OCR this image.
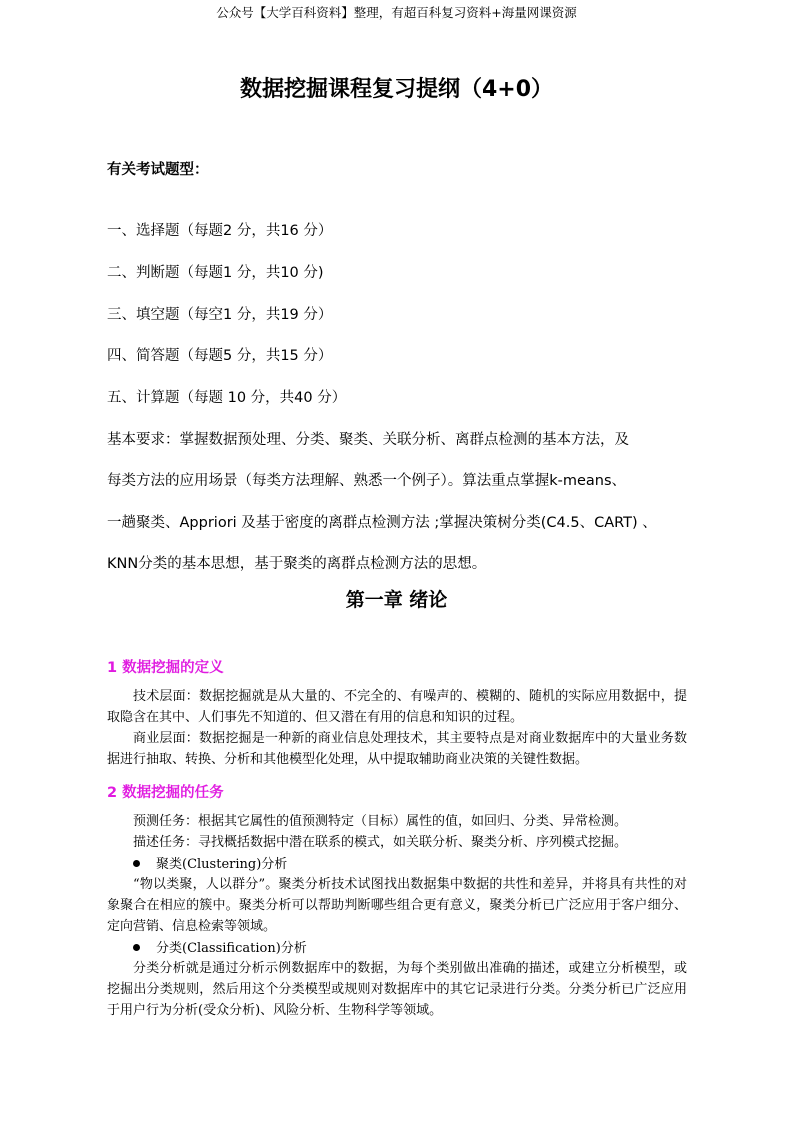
公众号【大学百科资料】整理，有超百科复习资料+海量网课资源
数据挖掘课程复习提纲（4+0）
有关考试题型：
一、选择题（每题2 分，共16 分）
二、判断题（每题1 分，共10 分)
三、填空题（每空1 分，共19 分）
四、简答题（每题5 分，共15 分）
五、计算题（每题 10 分，共40 分）
基本要求：掌握数据预处理、分类、聚类、关联分析、离群点检测的基本方法，及
每类方法的应用场景（每类方法理解、熟悉一个例子）。算法重点掌握k-means、
一趟聚类、Appriori 及基于密度的离群点检测方法 ;掌握决策树分类(C4.5、CART) 、
KNN分类的基本思想，基于聚类的离群点检测方法的思想。
第一章 绪论
1 数据挖掘的定义
技术层面：数据挖掘就是从大量的、不完全的、有噪声的、模糊的、随机的实际应用数据中，提取隐含在其中、人们事先不知道的、但又潜在有用的信息和知识的过程。
商业层面：数据挖掘是一种新的商业信息处理技术，其主要特点是对商业数据库中的大量业务数据进行抽取、转换、分析和其他模型化处理，从中提取辅助商业决策的关键性数据。
2 数据挖掘的任务
预测任务：根据其它属性的值预测特定（目标）属性的值，如回归、分类、异常检测。
描述任务：寻找概括数据中潜在联系的模式，如关联分析、聚类分析、序列模式挖掘。
聚类(Clustering)分析
“物以类聚，人以群分”。聚类分析技术试图找出数据集中数据的共性和差异，并将具有共性的对象聚合在相应的簇中。聚类分析可以帮助判断哪些组合更有意义，聚类分析已广泛应用于客户细分、定向营销、信息检索等领域。
分类(Classification)分析
分类分析就是通过分析示例数据库中的数据，为每个类别做出准确的描述，或建立分析模型，或挖掘出分类规则，然后用这个分类模型或规则对数据库中的其它记录进行分类。分类分析已广泛应用于用户行为分析(受众分析)、风险分析、生物科学等领域。
